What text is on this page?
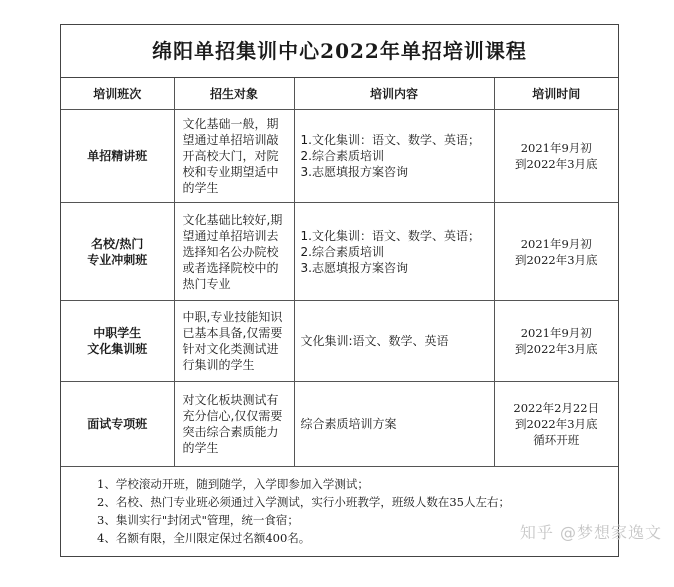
绵阳单招集训中心2022年单招培训课程
培训班次	招生对象	培训内容	培训时间

单招精讲班	文化基础一般，期
望通过单招培训敲
开高校大门，对院
校和专业期望适中
的学生	1.文化集训：语文、数学、英语；
2.综合素质培训
3.志愿填报方案咨询	2021年9月初
到2022年3月底

名校/热门
专业冲刺班	文化基础比较好,期
望通过单招培训去
选择知名公办院校
或者选择院校中的
热门专业	1.文化集训：语文、数学、英语；
2.综合素质培训
3.志愿填报方案咨询	2021年9月初
到2022年3月底

中职学生
文化集训班	中职,专业技能知识
已基本具备,仅需要
针对文化类测试进
行集训的学生	文化集训:语文、数学、英语	2021年9月初
到2022年3月底

面试专项班	对文化板块测试有
充分信心,仅仅需要
突击综合素质能力
的学生	综合素质培训方案	2022年2月22日
到2022年3月底
循环开班
1、学校滚动开班，随到随学，入学即参加入学测试；
2、名校、热门专业班必须通过入学测试，实行小班教学，班级人数在35人左右；
3、集训实行"封闭式"管理，统一食宿；
4、名额有限，全川限定保过名额400名。	知乎 @梦想家逸文
